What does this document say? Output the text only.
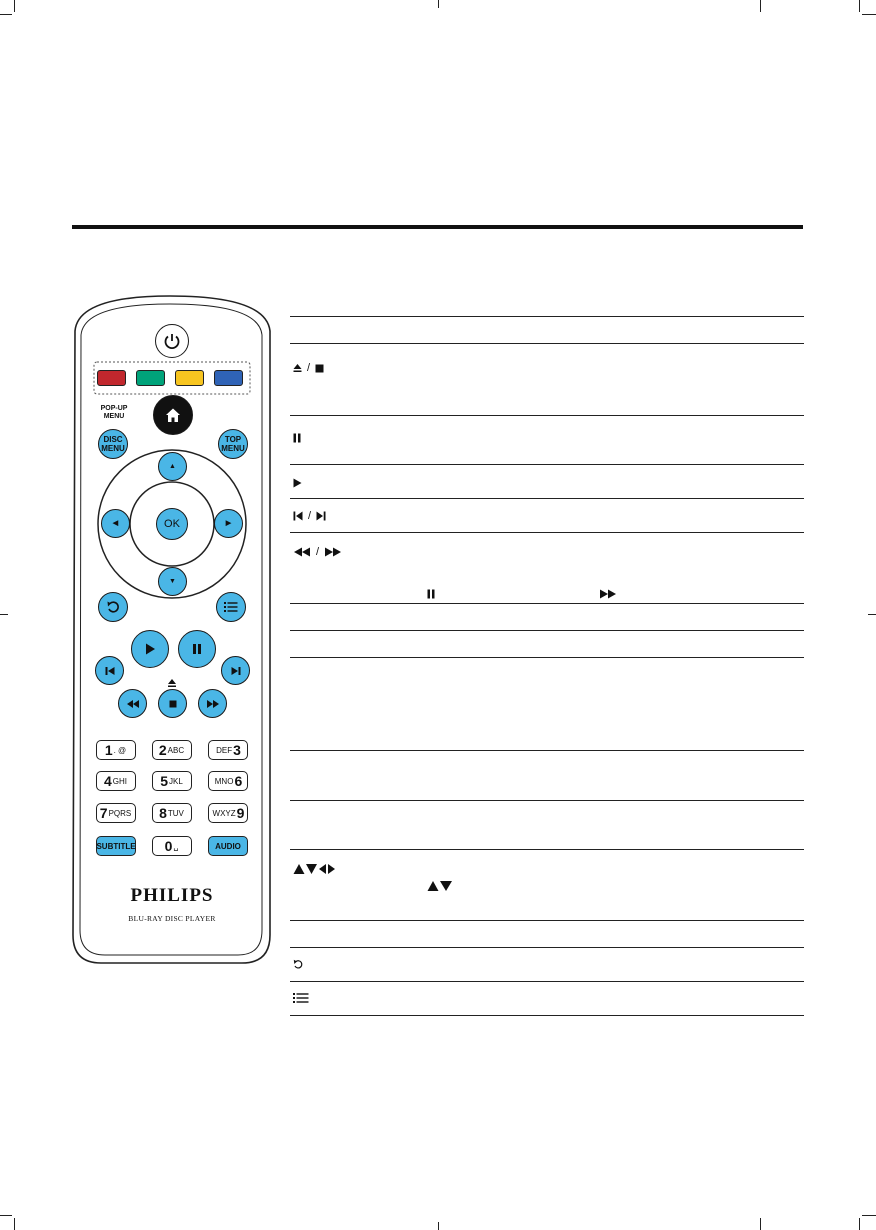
POP-UP
MENU
DISC
MENU
TOP
MENU
▲
▼
◀	▶
OK
1 . @ 2 ABC	DEF 3
4 GHI 5 JKL	MNO 6
7 PQRS 8 TUV	WXYZ 9
SUBTITLE 0 ␣	AUDIO
PHILIPS
BLU-RAY DISC PLAYER
/
/
/
